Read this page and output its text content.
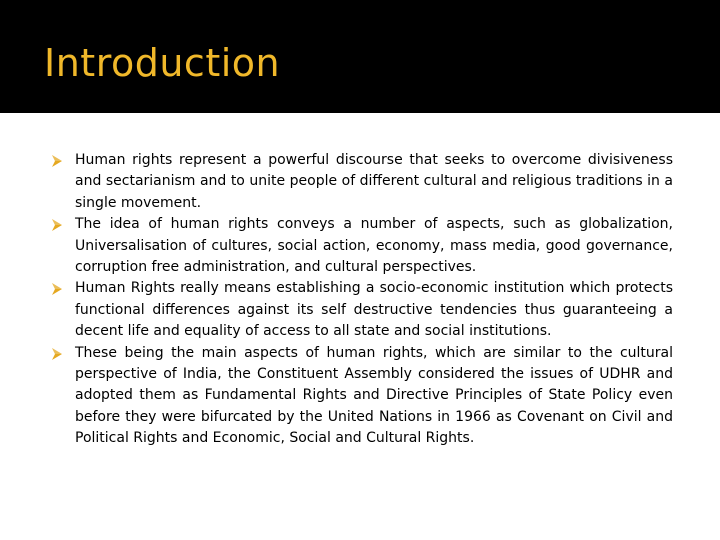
Introduction
Human rights represent a powerful discourse that seeks to overcome divisiveness and sectarianism and to unite people of different cultural and religious traditions in a single movement.
The idea of human rights conveys a number of aspects, such as globalization, Universalisation of cultures, social action, economy, mass media, good governance, corruption free administration, and cultural perspectives.
Human Rights really means establishing a socio-economic institution which protects functional differences against its self destructive tendencies thus guaranteeing a decent life and equality of access to all state and social institutions.
These being the main aspects of human rights, which are similar to the cultural perspective of India, the Constituent Assembly considered the issues of UDHR and adopted them as Fundamental Rights and Directive Principles of State Policy even before they were bifurcated by the United Nations in 1966 as Covenant on Civil and Political Rights and Economic, Social and Cultural Rights.
